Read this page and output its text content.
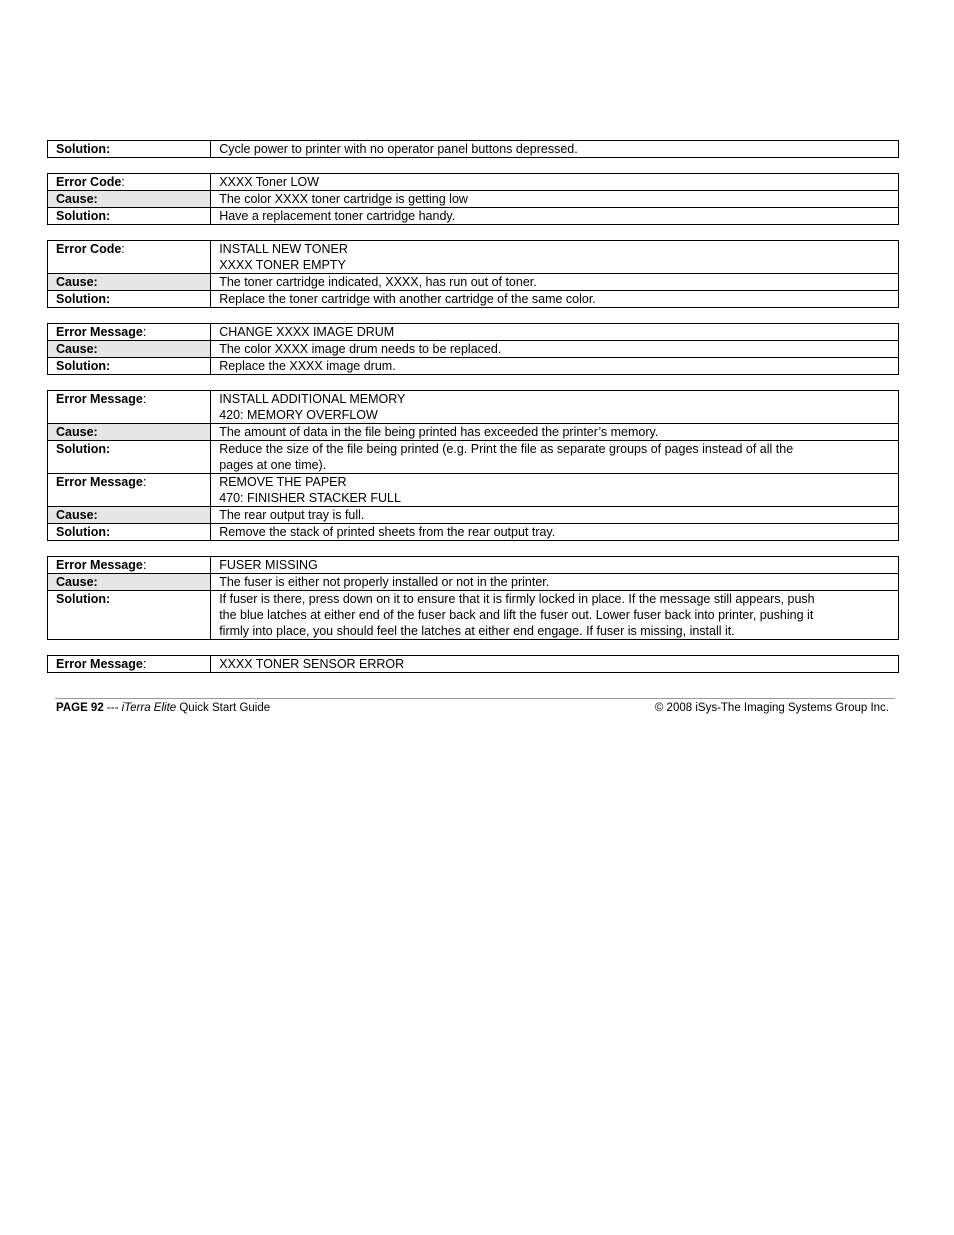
Solution:	Cycle power to printer with no operator panel buttons depressed.
Error Code:	XXXX Toner LOW

Cause:	The color XXXX toner cartridge is getting low

Solution:	Have a replacement toner cartridge handy.
Error Code:	INSTALL NEW TONER
XXXX TONER EMPTY

Cause:	The toner cartridge indicated, XXXX, has run out of toner.

Solution:	Replace the toner cartridge with another cartridge of the same color.
Error Message:	CHANGE XXXX IMAGE DRUM

Cause:	The color XXXX image drum needs to be replaced.

Solution:	Replace the XXXX image drum.
Error Message:	INSTALL ADDITIONAL MEMORY
420: MEMORY OVERFLOW

Cause:	The amount of data in the file being printed has exceeded the printer’s memory.

Solution:	Reduce the size of the file being printed (e.g. Print the file as separate groups of pages instead of all the
pages at one time).

Error Message:	REMOVE THE PAPER
470: FINISHER STACKER FULL

Cause:	The rear output tray is full.

Solution:	Remove the stack of printed sheets from the rear output tray.
Error Message:	FUSER MISSING

Cause:	The fuser is either not properly installed or not in the printer.

Solution:	If fuser is there, press down on it to ensure that it is firmly locked in place. If the message still appears, push
the blue latches at either end of the fuser back and lift the fuser out. Lower fuser back into printer, pushing it
firmly into place, you should feel the latches at either end engage. If fuser is missing, install it.
Error Message:	XXXX TONER SENSOR ERROR
PAGE 92 --- iTerra Elite Quick Start Guide	© 2008 iSys-The Imaging Systems Group Inc.
